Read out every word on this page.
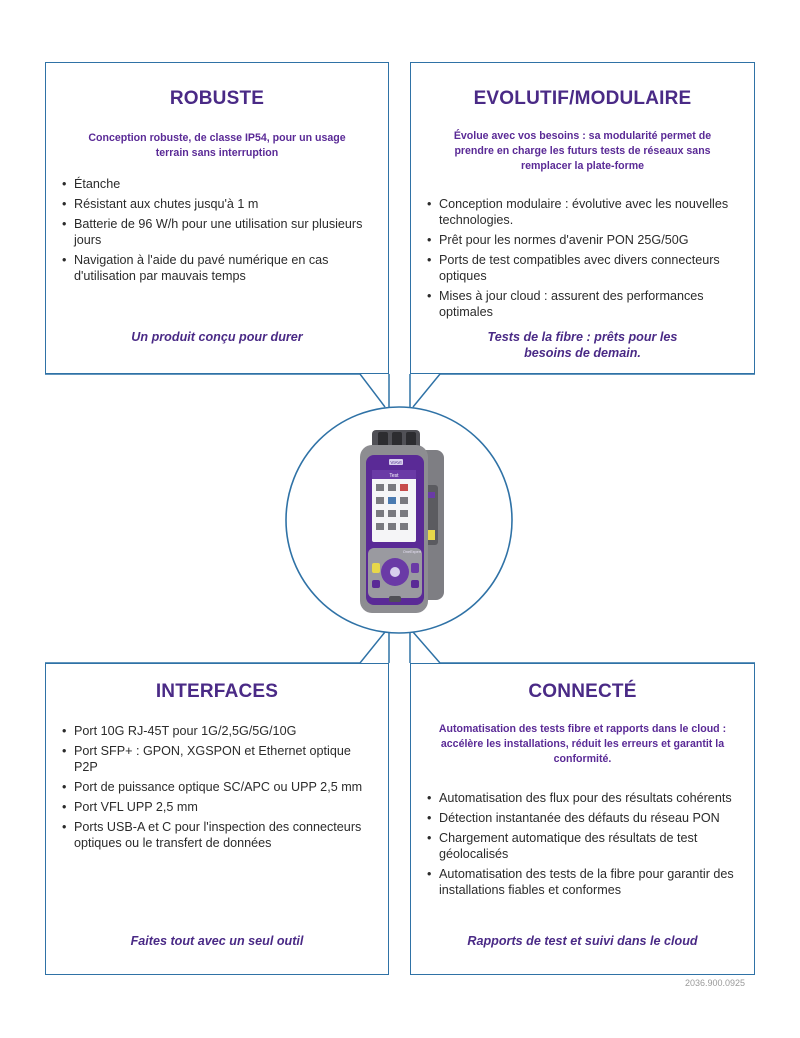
VIAVI
Test
OneExpert
ROBUSTE
Conception robuste, de classe IP54, pour un usage terrain sans interruption
• Étanche
• Résistant aux chutes jusqu'à 1 m
• Batterie de 96 W/h pour une utilisation sur plusieurs jours
• Navigation à l'aide du pavé numérique en cas d'utilisation par mauvais temps
Un produit conçu pour durer
EVOLUTIF/MODULAIRE
Évolue avec vos besoins : sa modularité permet de prendre en charge les futurs tests de réseaux sans remplacer la plate-forme
• Conception modulaire : évolutive avec les nouvelles technologies.
• Prêt pour les normes d'avenir PON 25G/50G
• Ports de test compatibles avec divers connecteurs optiques
• Mises à jour cloud : assurent des performances optimales
Tests de la fibre : prêts pour les besoins de demain.
INTERFACES
• Port 10G RJ-45T pour 1G/2,5G/5G/10G
• Port SFP+ : GPON, XGSPON et Ethernet optique P2P
• Port de puissance optique SC/APC ou UPP 2,5 mm
• Port VFL UPP 2,5 mm
• Ports USB-A et C pour l'inspection des connecteurs optiques ou le transfert de données
Faites tout avec un seul outil
CONNECTÉ
Automatisation des tests fibre et rapports dans le cloud : accélère les installations, réduit les erreurs et garantit la conformité.
• Automatisation des flux pour des résultats cohérents
• Détection instantanée des défauts du réseau PON
• Chargement automatique des résultats de test géolocalisés
• Automatisation des tests de la fibre pour garantir des installations fiables et conformes
Rapports de test et suivi dans le cloud
2036.900.0925
